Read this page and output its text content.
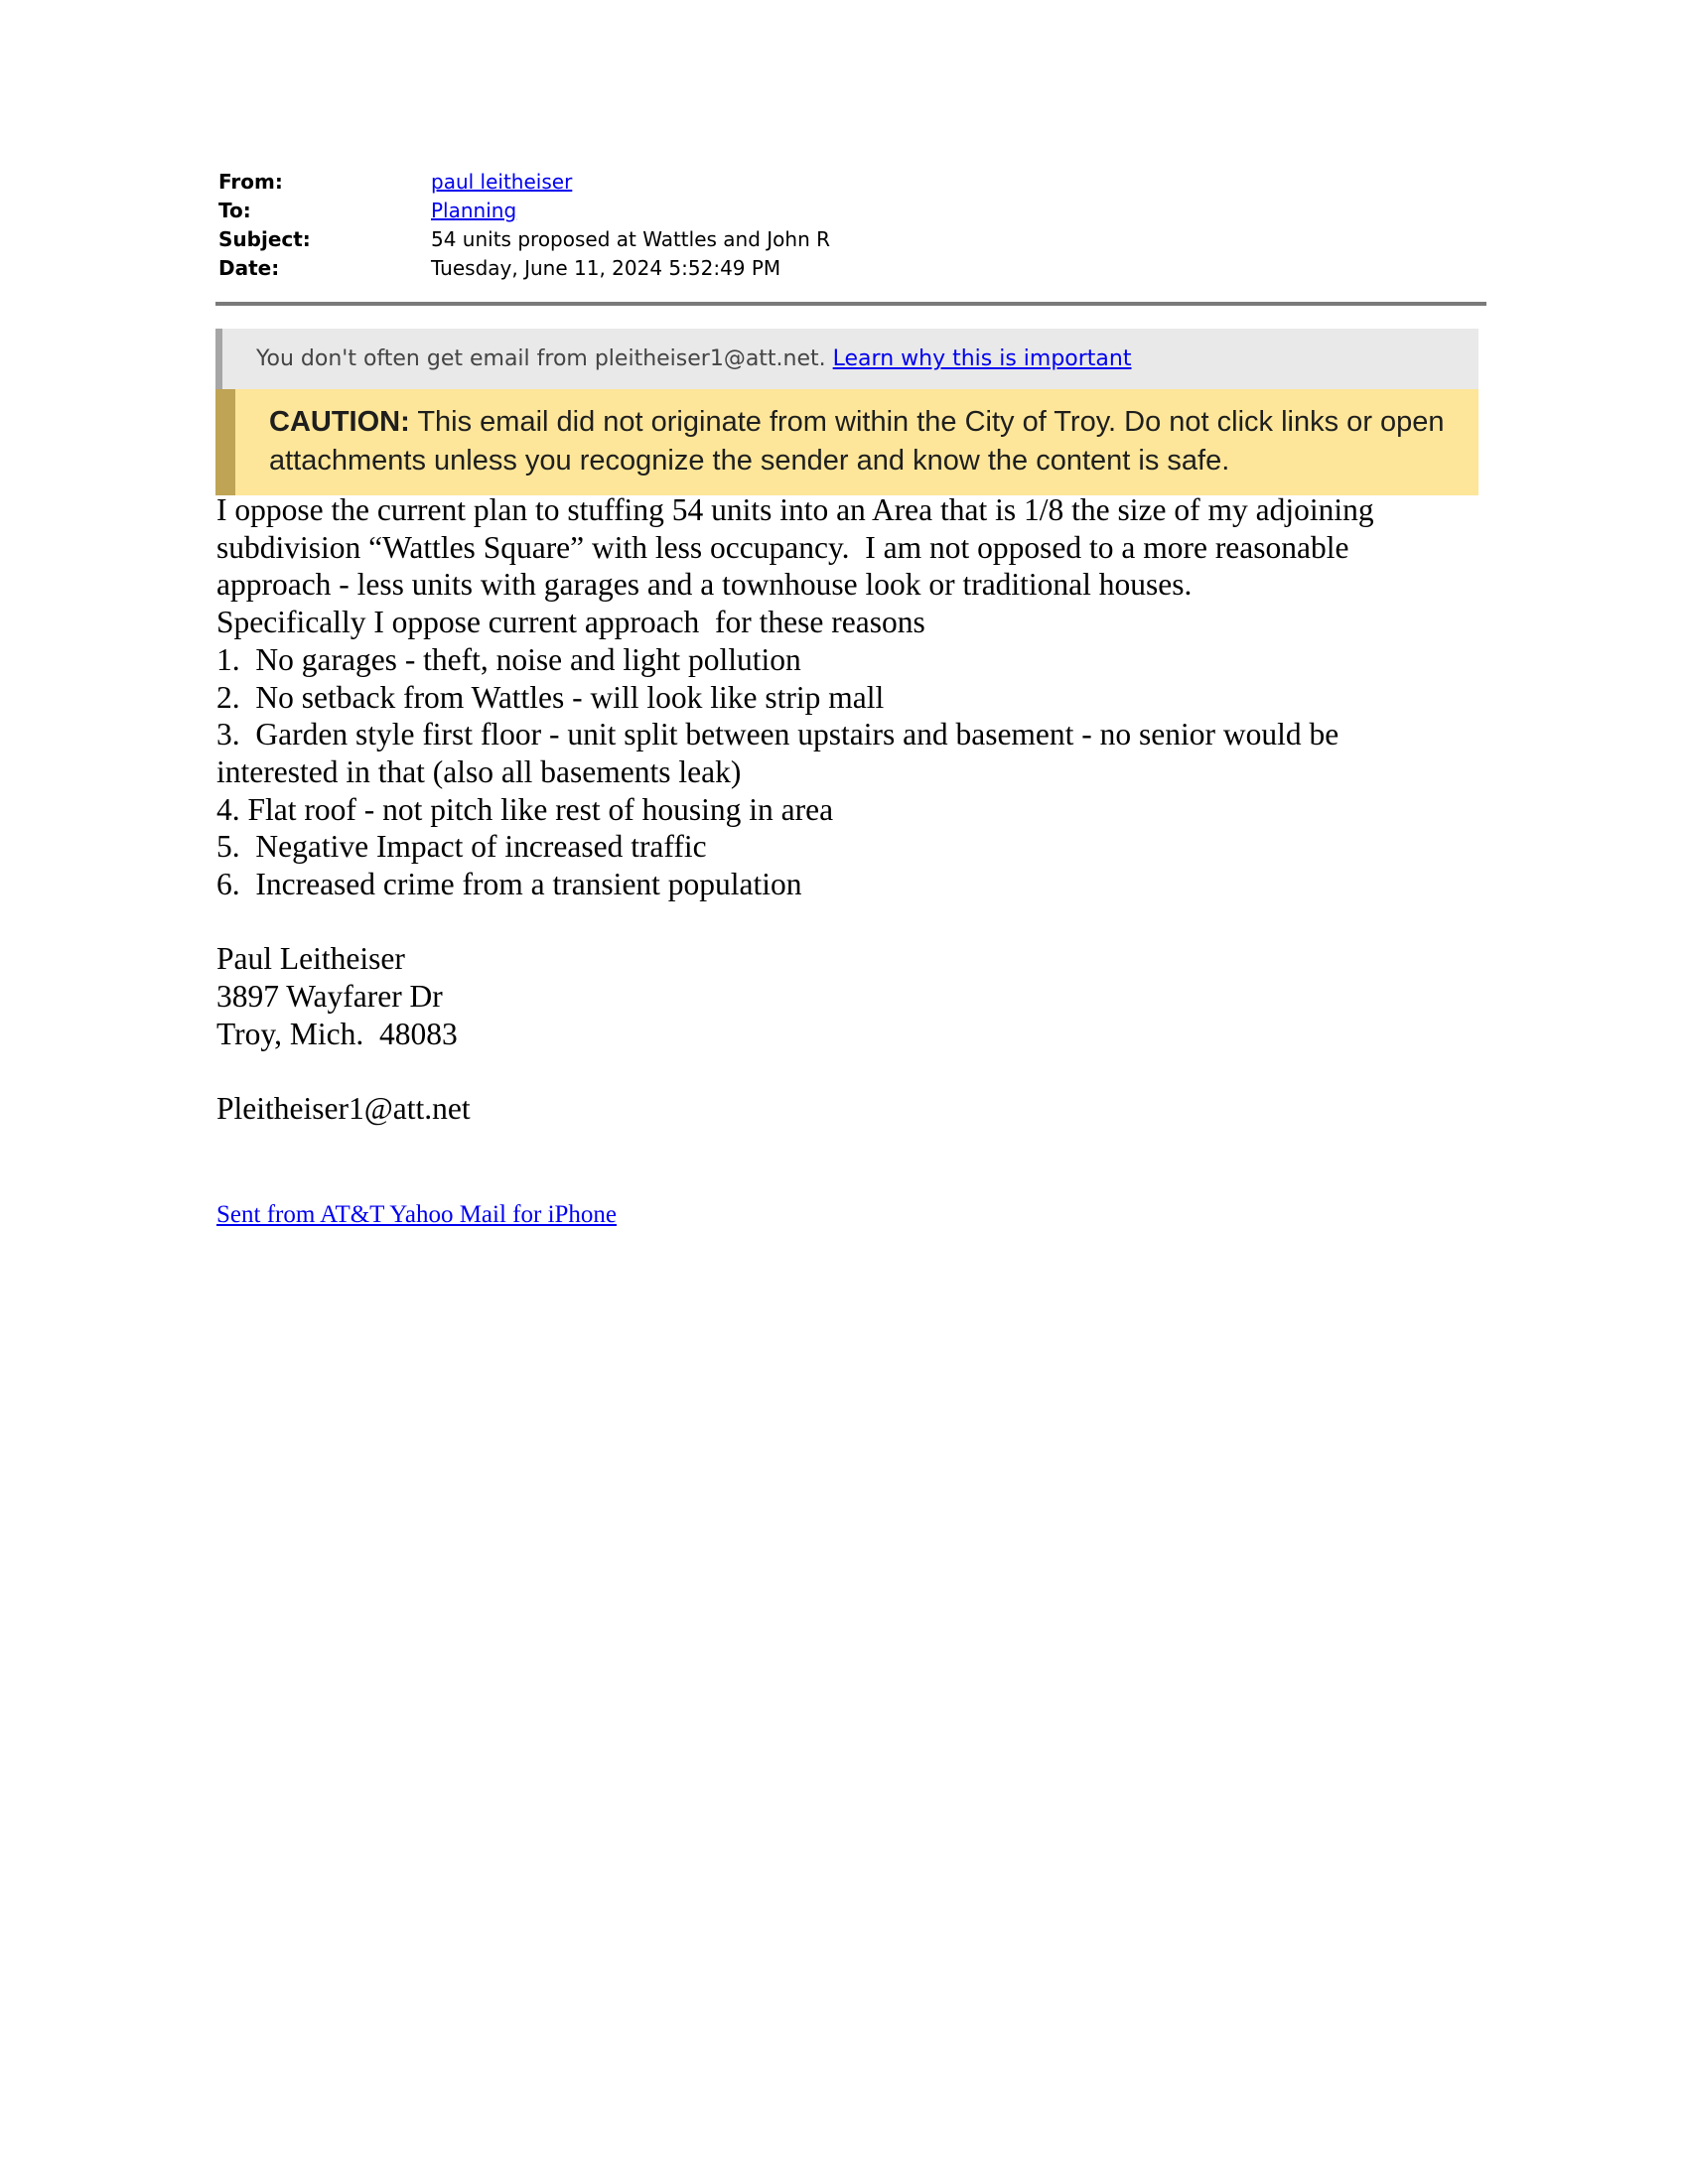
From:	paul leitheiser
To:	Planning
Subject:	54 units proposed at Wattles and John R
Date:	Tuesday, June 11, 2024 5:52:49 PM
You don't often get email from pleitheiser1@att.net. Learn why this is important
CAUTION: This email did not originate from within the City of Troy. Do not click links or open attachments unless you recognize the sender and know the content is safe.

I oppose the current plan to stuffing 54 units into an Area that is 1/8 the size of my adjoining subdivision “Wattles Square” with less occupancy.  I am not opposed to a more reasonable approach - less units with garages and a townhouse look or traditional houses.

Specifically I oppose current approach  for these reasons

1.  No garages - theft, noise and light pollution

2.  No setback from Wattles - will look like strip mall

3.  Garden style first floor - unit split between upstairs and basement - no senior would be interested in that (also all basements leak)

4. Flat roof - not pitch like rest of housing in area

5.  Negative Impact of increased traffic

6.  Increased crime from a transient population

Paul Leitheiser

3897 Wayfarer Dr

Troy, Mich.  48083

Pleitheiser1@att.net

Sent from AT&T Yahoo Mail for iPhone
